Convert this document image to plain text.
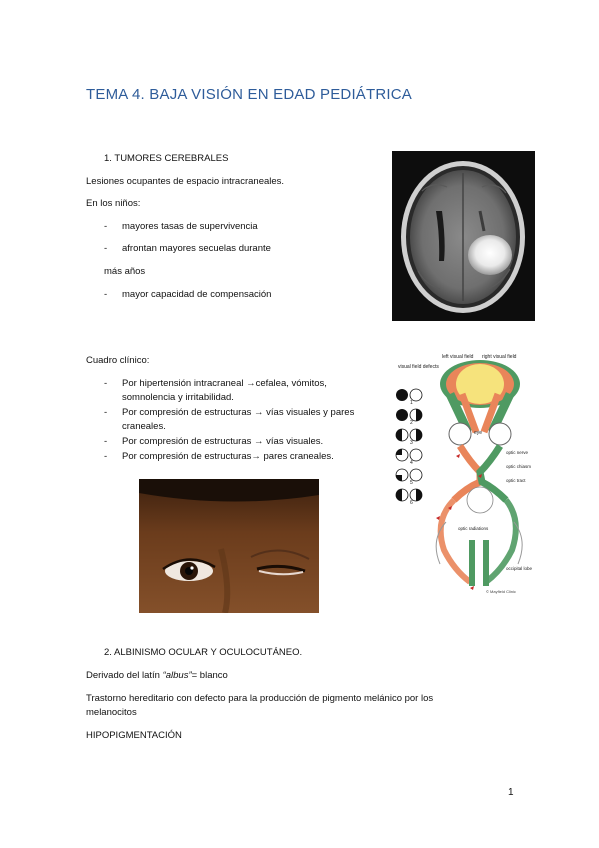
TEMA 4. BAJA VISIÓN EN EDAD PEDIÁTRICA
1. TUMORES CEREBRALES
Lesiones ocupantes de espacio intracraneales.
En los niños:
- mayores tasas de supervivencia
- afrontan mayores secuelas durante
más años
- mayor capacidad de compensación
Cuadro clínico:
- Por hipertensión intracraneal →cefalea, vómitos,
somnolencia y irritabilidad.
- Por compresión de estructuras → vías visuales y pares
craneales.
- Por compresión de estructuras → vías visuales.
- Por compresión de estructuras→ pares craneales.
left visual field right visual field
visual field defects
eye
optic nerve
optic chiasm
optic tract
optic radiations
occipital lobe
© Mayfield Clinic
1
2
3
4
5
6
2. ALBINISMO OCULAR Y OCULOCUTÁNEO.
Derivado del latín “albus”= blanco
Trastorno hereditario con defecto para la producción de pigmento melánico por los
melanocitos
HIPOPIGMENTACIÓN
1
